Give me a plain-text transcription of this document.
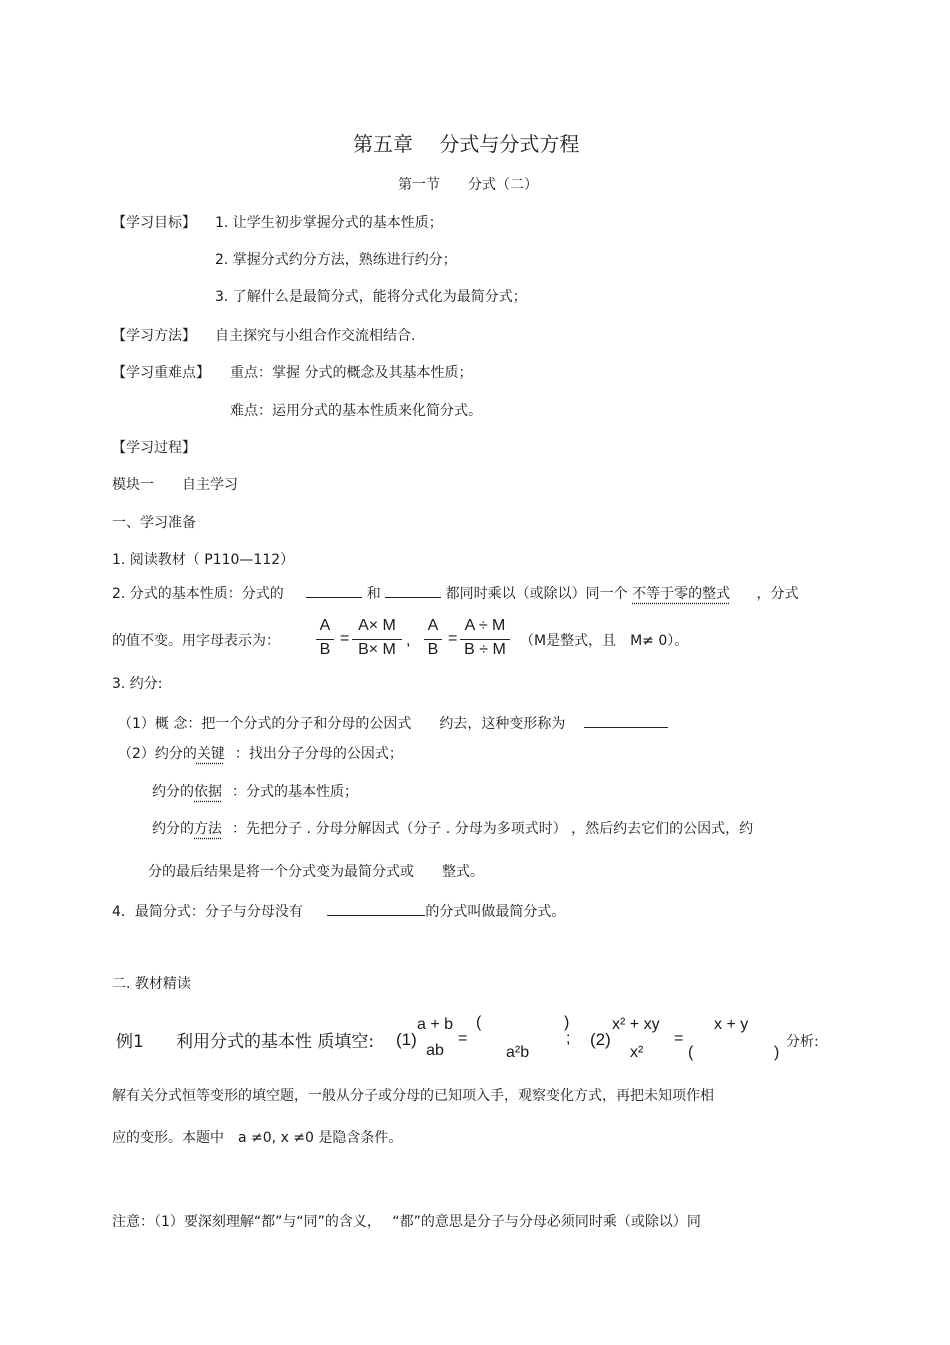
第五章　 分式与分式方程
第一节　　分式（二）
【学习目标】 1. 让学生初步掌握分式的基本性质；
2. 掌握分式约分方法，熟练进行约分；
3. 了解什么是最简分式，能将分式化为最简分式；
【学习方法】 自主探究与小组合作交流相结合.
【学习重难点】 重点：掌握 分式的概念及其基本性质；
难点：运用分式的基本性质来化简分式。
【学习过程】
模块一　　自主学习
一、学习准备
1. 阅读教材（ P110—112）
2. 分式的基本性质：分式的	和	都同时乘以（或除以）同一个 不等于零的整式 ，分式
的值不变。用字母表示为：
A
B
=
A× M
B× M
,
A
B
=
A ÷ M
B ÷ M （M是整式，且　M≠ 0）。
3. 约分:
（1）概 念：把一个分式的分子和分母的公因式　　约去，这种变形称为
（2）约分的关键 ：找出分子分母的公因式；
约分的依据 ：分式的基本性质；
约分的方法 ：先把分子 . 分母分解因式（分子 . 分母为多项式时） ，然后约去它们的公因式，约
分的最后结果是将一个分式变为最简分式或　　整式。
4．最简分式：分子与分母没有	的分式叫做最简分式。
二. 教材精读
例1 利用分式的基本性 质填空: (1)
a + b
ab
=
(	)
a²b
; (2)
x² + xy
x²
=
x + y
(	)
分析:
解有关分式恒等变形的填空题，一般从分子或分母的已知项入手，观察变化方式，再把未知项作相
应的变形。本题中　a ≠0, x ≠0 是隐含条件。
注意：（1）要深刻理解“都”与“同”的含义，　 “都”的意思是分子与分母必须同时乘（或除以）同
